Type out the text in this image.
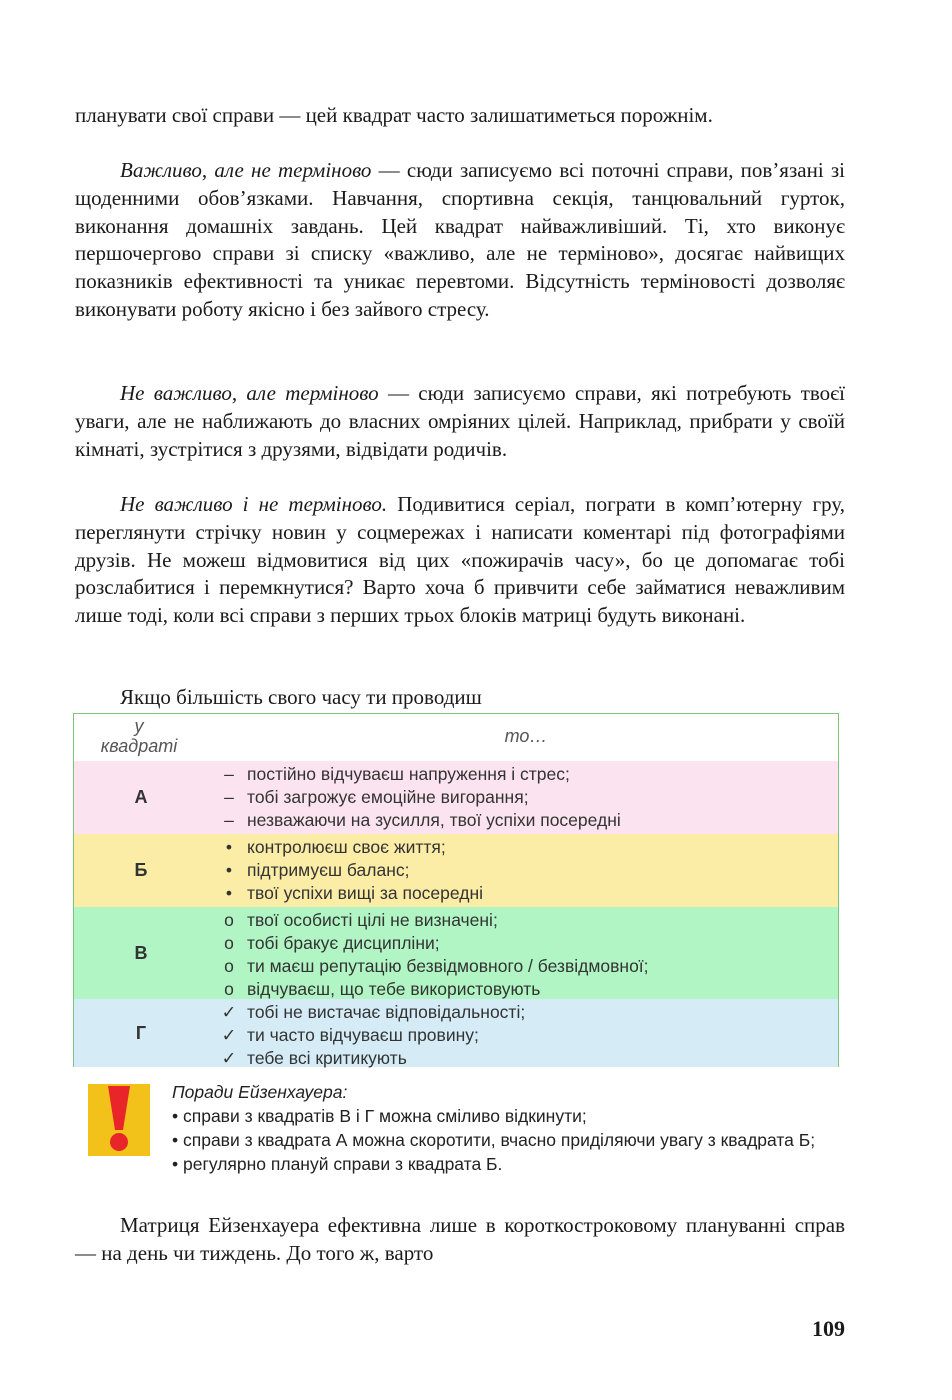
планувати свої справи — цей квадрат часто залишатиметься порожнім.

Важливо, але не терміново — сюди записуємо всі поточні справи, пов’язані зі щоденними обов’язками. Навчання, спортивна секція, танцювальний гурток, виконання домашніх завдань. Цей квадрат найважливіший. Ті, хто виконує першочергово справи зі списку «важливо, але не терміново», досягає найвищих показників ефективності та уникає перевтоми. Відсутність терміновості дозволяє виконувати роботу якісно і без зайвого стресу.

Не важливо, але терміново — сюди записуємо справи, які потребують твоєї уваги, але не наближають до власних омріяних цілей. Наприклад, прибрати у своїй кімнаті, зустрітися з друзями, відвідати родичів.

Не важливо і не терміново. Подивитися серіал, пограти в комп’ютерну гру, переглянути стрічку новин у соцмережах і написати коментарі під фотографіями друзів. Не можеш відмовитися від цих «пожирачів часу», бо це допомагає тобі розслабитися і перемкнутися? Варто хоча б привчити себе займатися неважливим лише тоді, коли всі справи з перших трьох блоків матриці будуть виконані.

Якщо більшість свого часу ти проводиш

у квадраті	то…
А
– постійно відчуваєш напруження і стрес;
– тобі загрожує емоційне вигорання;
– незважаючи на зусилля, твої успіхи посередні
Б
• контролюєш своє життя;
• підтримуєш баланс;
• твої успіхи вищі за посередні
В
o твої особисті цілі не визначені;
o тобі бракує дисципліни;
o ти маєш репутацію безвідмовного / безвідмовної;
o відчуваєш, що тебе використовують
Г
✓ тобі не вистачає відповідальності;
✓ ти часто відчуваєш провину;
✓ тебе всі критикують

Поради Ейзенхауера:

• справи з квадратів В і Г можна сміливо відкинути;

• справи з квадрата А можна скоротити, вчасно приділяючи увагу з квадрата Б;

• регулярно плануй справи з квадрата Б.

Матриця Ейзенхауера ефективна лише в короткостроковому плануванні справ — на день чи тиждень. До того ж, варто

109
